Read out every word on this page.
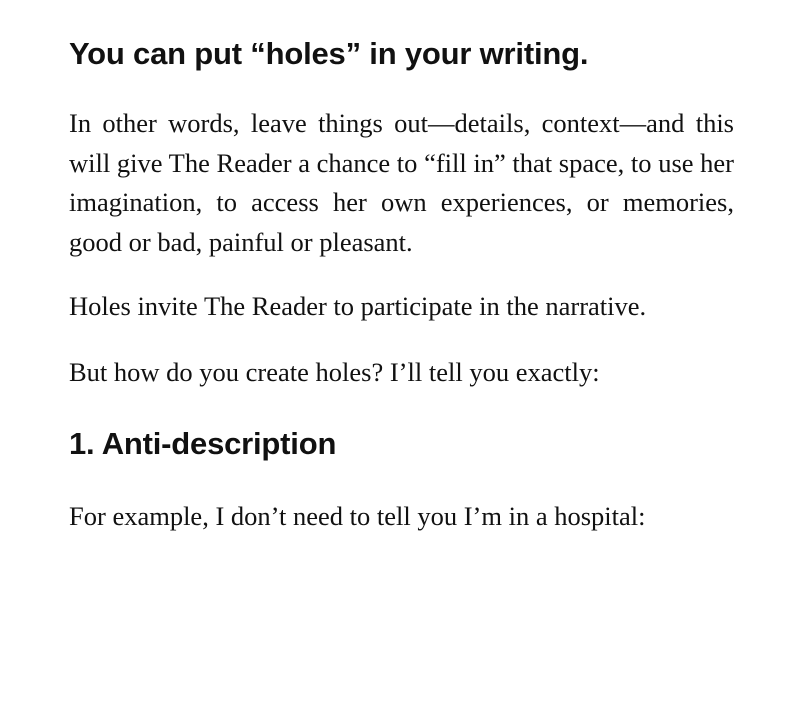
You can put “holes” in your writing.

In other words, leave things out—details, context—and this will give The Reader a chance to “fill in” that space, to use her imagination, to access her own experiences, or memories, good or bad, painful or pleasant.

Holes invite The Reader to participate in the narrative.

But how do you create holes? I’ll tell you exactly:

1. Anti-description

For example, I don’t need to tell you I’m in a hospital:
